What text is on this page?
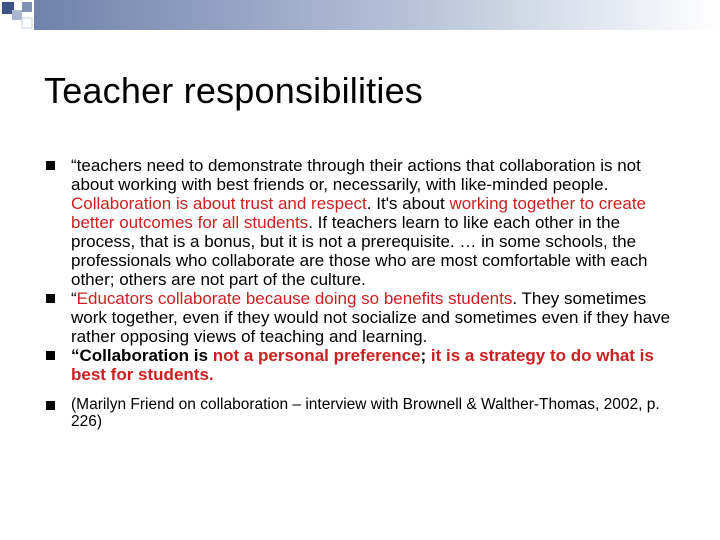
Teacher responsibilities
“teachers need to demonstrate through their actions that collaboration is not about working with best friends or, necessarily, with like-minded people. Collaboration is about trust and respect. It's about working together to create better outcomes for all students. If teachers learn to like each other in the process, that is a bonus, but it is not a prerequisite. … in some schools, the professionals who collaborate are those who are most comfortable with each other; others are not part of the culture.
“Educators collaborate because doing so benefits students. They sometimes work together, even if they would not socialize and sometimes even if they have rather opposing views of teaching and learning.
“Collaboration is not a personal preference; it is a strategy to do what is best for students.
(Marilyn Friend on collaboration – interview with Brownell & Walther-Thomas, 2002, p. 226)
